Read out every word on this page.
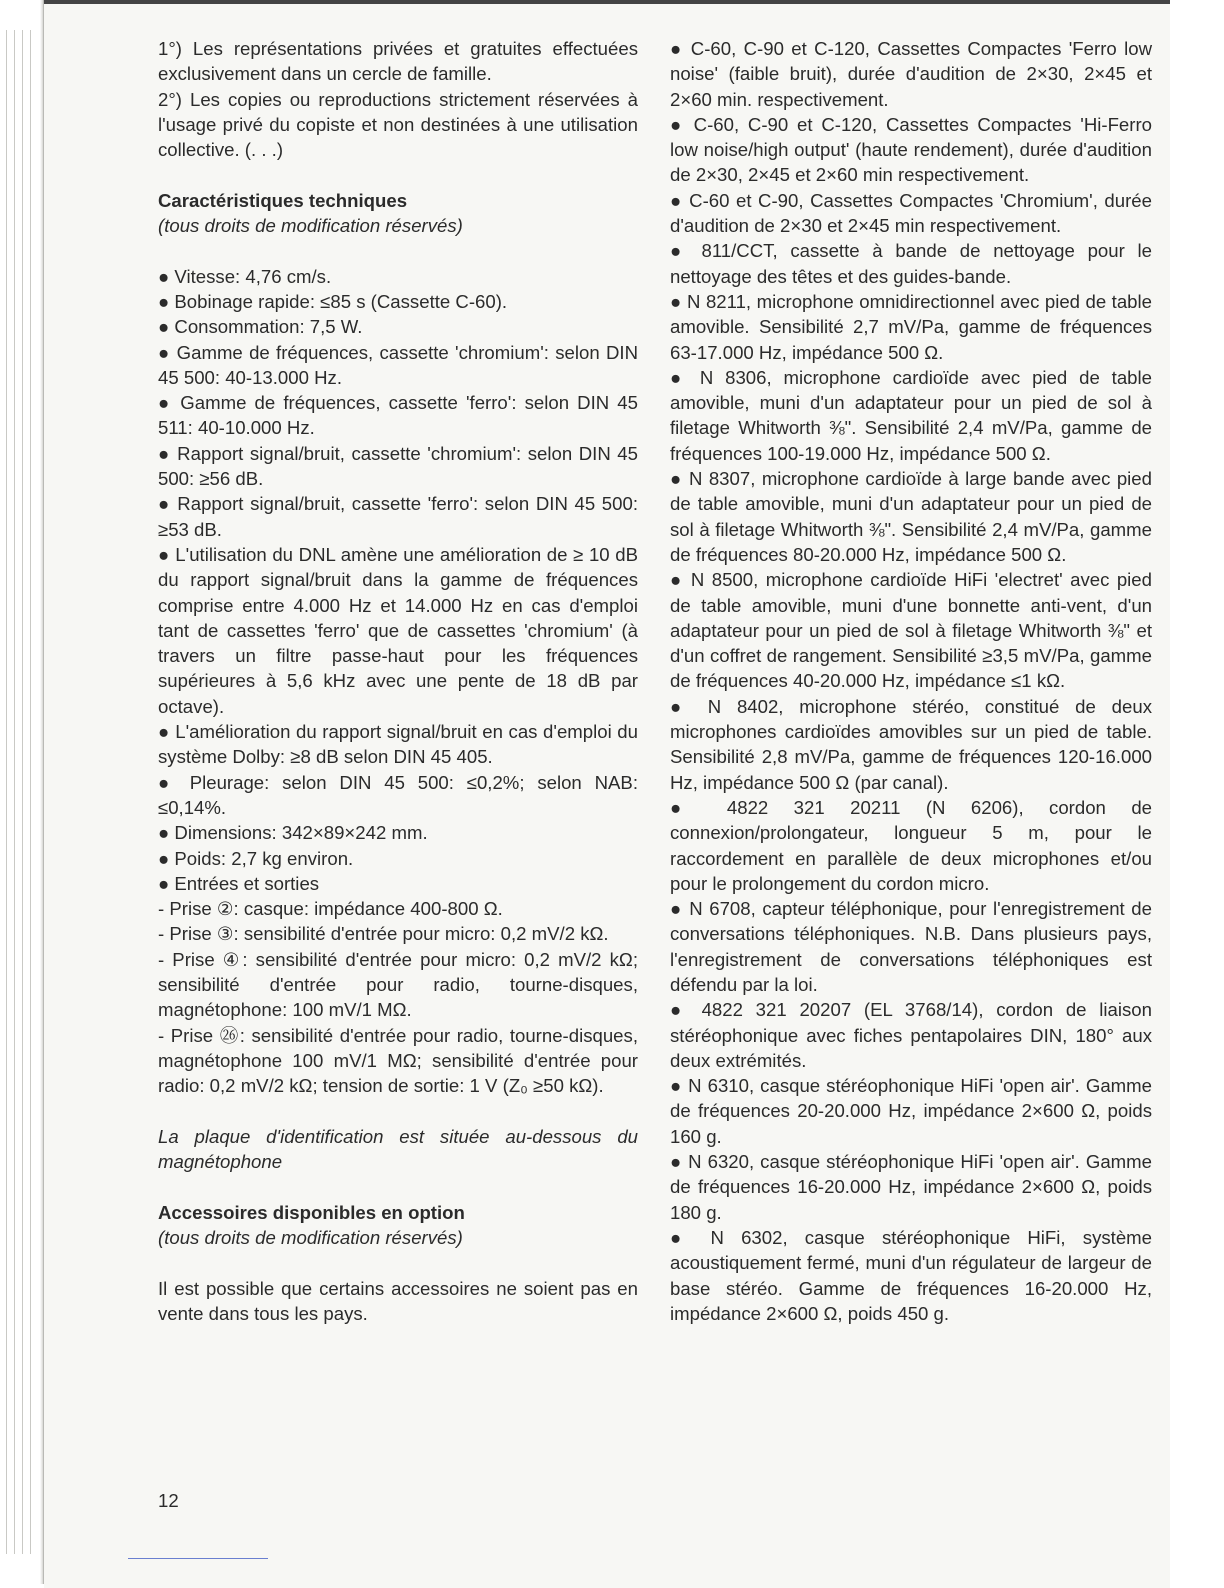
1°) Les représentations privées et gratuites effectuées exclusivement dans un cercle de famille.

2°) Les copies ou reproductions strictement réservées à l'usage privé du copiste et non destinées à une utilisation collective. (. . .)

Caractéristiques techniques

(tous droits de modification réservés)

● Vitesse: 4,76 cm/s.

● Bobinage rapide: ≤85 s (Cassette C-60).

● Consommation: 7,5 W.

● Gamme de fréquences, cassette 'chromium': selon DIN 45 500: 40-13.000 Hz.

● Gamme de fréquences, cassette 'ferro': selon DIN 45 511: 40-10.000 Hz.

● Rapport signal/bruit, cassette 'chromium': selon DIN 45 500: ≥56 dB.

● Rapport signal/bruit, cassette 'ferro': selon DIN 45 500: ≥53 dB.

● L'utilisation du DNL amène une amélioration de ≥ 10 dB du rapport signal/bruit dans la gamme de fréquences comprise entre 4.000 Hz et 14.000 Hz en cas d'emploi tant de cassettes 'ferro' que de cassettes 'chromium' (à travers un filtre passe-haut pour les fréquences supérieures à 5,6 kHz avec une pente de 18 dB par octave).

● L'amélioration du rapport signal/bruit en cas d'emploi du système Dolby: ≥8 dB selon DIN 45 405.

● Pleurage: selon DIN 45 500: ≤0,2%; selon NAB: ≤0,14%.

● Dimensions: 342×89×242 mm.

● Poids: 2,7 kg environ.

● Entrées et sorties

- Prise ②: casque: impédance 400-800 Ω.

- Prise ③: sensibilité d'entrée pour micro: 0,2 mV/2 kΩ.

- Prise ④: sensibilité d'entrée pour micro: 0,2 mV/2 kΩ; sensibilité d'entrée pour radio, tourne-disques, magnétophone: 100 mV/1 MΩ.

- Prise ㉖: sensibilité d'entrée pour radio, tourne-disques, magnétophone 100 mV/1 MΩ; sensibilité d'entrée pour radio: 0,2 mV/2 kΩ; tension de sortie: 1 V (Z₀ ≥50 kΩ).

La plaque d'identification est située au-dessous du magnétophone

Accessoires disponibles en option

(tous droits de modification réservés)

Il est possible que certains accessoires ne soient pas en vente dans tous les pays.

● C-60, C-90 et C-120, Cassettes Compactes 'Ferro low noise' (faible bruit), durée d'audition de 2×30, 2×45 et 2×60 min. respectivement.

● C-60, C-90 et C-120, Cassettes Compactes 'Hi-Ferro low noise/high output' (haute rendement), durée d'audition de 2×30, 2×45 et 2×60 min respectivement.

● C-60 et C-90, Cassettes Compactes 'Chromium', durée d'audition de 2×30 et 2×45 min respectivement.

● 811/CCT, cassette à bande de nettoyage pour le nettoyage des têtes et des guides-bande.

● N 8211, microphone omnidirectionnel avec pied de table amovible. Sensibilité 2,7 mV/Pa, gamme de fréquences 63-17.000 Hz, impédance 500 Ω.

● N 8306, microphone cardioïde avec pied de table amovible, muni d'un adaptateur pour un pied de sol à filetage Whitworth ⅜". Sensibilité 2,4 mV/Pa, gamme de fréquences 100-19.000 Hz, impédance 500 Ω.

● N 8307, microphone cardioïde à large bande avec pied de table amovible, muni d'un adaptateur pour un pied de sol à filetage Whitworth ⅜". Sensibilité 2,4 mV/Pa, gamme de fréquences 80-20.000 Hz, impédance 500 Ω.

● N 8500, microphone cardioïde HiFi 'electret' avec pied de table amovible, muni d'une bonnette anti-vent, d'un adaptateur pour un pied de sol à filetage Whitworth ⅜" et d'un coffret de rangement. Sensibilité ≥3,5 mV/Pa, gamme de fréquences 40-20.000 Hz, impédance ≤1 kΩ.

● N 8402, microphone stéréo, constitué de deux microphones cardioïdes amovibles sur un pied de table. Sensibilité 2,8 mV/Pa, gamme de fréquences 120-16.000 Hz, impédance 500 Ω (par canal).

● 4822 321 20211 (N 6206), cordon de connexion/prolongateur, longueur 5 m, pour le raccordement en parallèle de deux microphones et/ou pour le prolongement du cordon micro.

● N 6708, capteur téléphonique, pour l'enregistrement de conversations téléphoniques. N.B. Dans plusieurs pays, l'enregistrement de conversations téléphoniques est défendu par la loi.

● 4822 321 20207 (EL 3768/14), cordon de liaison stéréophonique avec fiches pentapolaires DIN, 180° aux deux extrémités.

● N 6310, casque stéréophonique HiFi 'open air'. Gamme de fréquences 20-20.000 Hz, impédance 2×600 Ω, poids 160 g.

● N 6320, casque stéréophonique HiFi 'open air'. Gamme de fréquences 16-20.000 Hz, impédance 2×600 Ω, poids 180 g.

● N 6302, casque stéréophonique HiFi, système acoustiquement fermé, muni d'un régulateur de largeur de base stéréo. Gamme de fréquences 16-20.000 Hz, impédance 2×600 Ω, poids 450 g.

12
